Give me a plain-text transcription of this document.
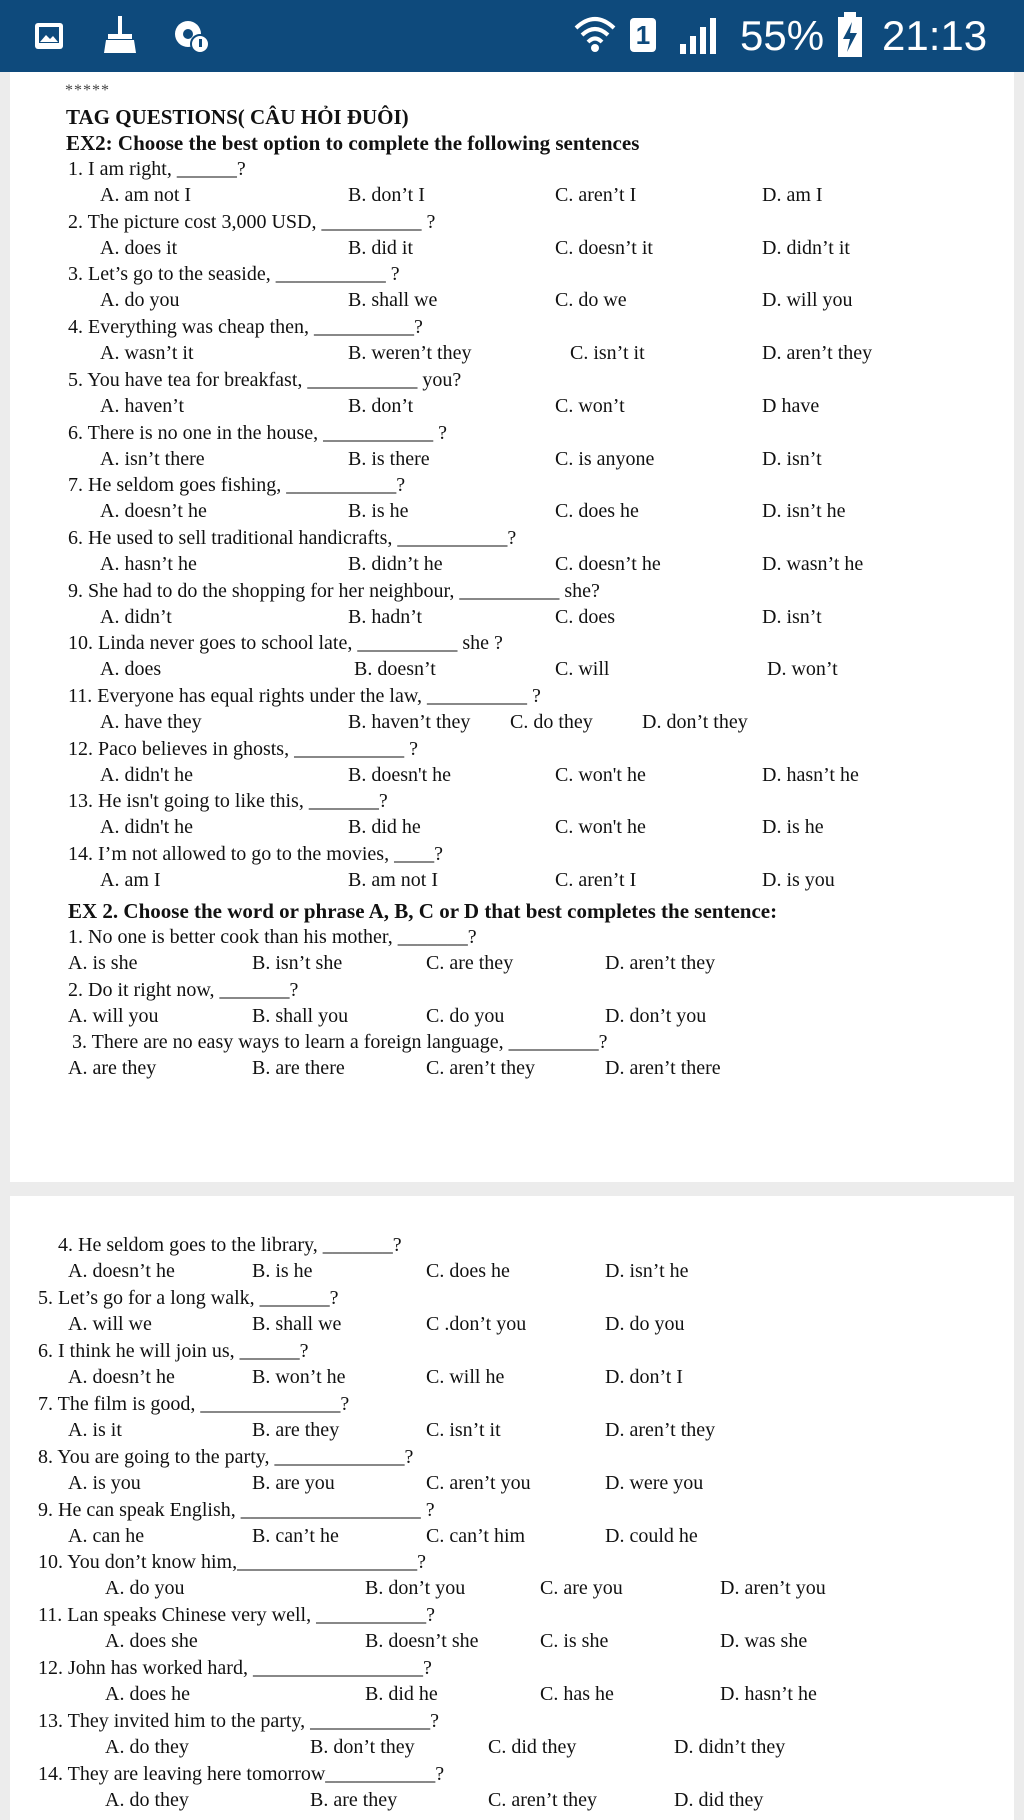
1 55% 21:13
*****
TAG QUESTIONS( CÂU HỎI ĐUÔI)
EX2: Choose the best option to complete the following sentences
1. I am right, ______?
A. am not I	B. don’t I	C. aren’t I	D. am I
2. The picture cost 3,000 USD, __________ ?
A. does it	B. did it	C. doesn’t it	D. didn’t it
3. Let’s go to the seaside, ___________ ?
A. do you	B. shall we	C. do we	D. will you
4. Everything was cheap then, __________?
A. wasn’t it	B. weren’t they	C. isn’t it	D. aren’t they
5. You have tea for breakfast, ___________ you?
A. haven’t	B. don’t	C. won’t	D have
6. There is no one in the house, ___________ ?
A. isn’t there	B. is there	C. is anyone	D. isn’t
7. He seldom goes fishing, ___________?
A. doesn’t he	B. is he	C. does he	D. isn’t he
6. He used to sell traditional handicrafts, ___________?
A. hasn’t he	B. didn’t he	C. doesn’t he	D. wasn’t he
9. She had to do the shopping for her neighbour, __________ she?
A. didn’t	B. hadn’t	C. does	D. isn’t
10. Linda never goes to school late, __________ she ?
A. does	B. doesn’t	C. will	D. won’t
11. Everyone has equal rights under the law, __________ ?
A. have they	B. haven’t they C. do they D. don’t they
12. Paco believes in ghosts, ___________ ?
A. didn't he	B. doesn't he	C. won't he	D. hasn’t he
13. He isn't going to like this, _______?
A. didn't he	B. did he	C. won't he	D. is he
14. I’m not allowed to go to the movies, ____?
A. am I	B. am not I	C. aren’t I	D. is you
EX 2. Choose the word or phrase A, B, C or D that best completes the sentence:
1. No one is better cook than his mother, _______?
A. is she	B. isn’t she	C. are they	D. aren’t they
2. Do it right now, _______?
A. will you	B. shall you	C. do you	D. don’t you
3. There are no easy ways to learn a foreign language, _________?
A. are they	B. are there	C. aren’t they	D. aren’t there
4. He seldom goes to the library, _______?
A. doesn’t he	B. is he	C. does he	D. isn’t he
5. Let’s go for a long walk, _______?
A. will we	B. shall we	C .don’t you	D. do you
6. I think he will join us, ______?
A. doesn’t he	B. won’t he	C. will he	D. don’t I
7. The film is good, ______________?
A. is it	B. are they	C. isn’t it	D. aren’t they
8. You are going to the party, _____________?
A. is you	B. are you	C. aren’t you	D. were you
9. He can speak English, __________________ ?
A. can he	B. can’t he	C. can’t him	D. could he
10. You don’t know him,__________________?
A. do you	B. don’t you	C. are you	D. aren’t you
11. Lan speaks Chinese very well, ___________?
A. does she	B. doesn’t she	C. is she	D. was she
12. John has worked hard, _________________?
A. does he	B. did he	C. has he	D. hasn’t he
13. They invited him to the party, ____________?
A. do they	B. don’t they	C. did they	D. didn’t they
14. They are leaving here tomorrow___________?
A. do they	B. are they	C. aren’t they	D. did they
